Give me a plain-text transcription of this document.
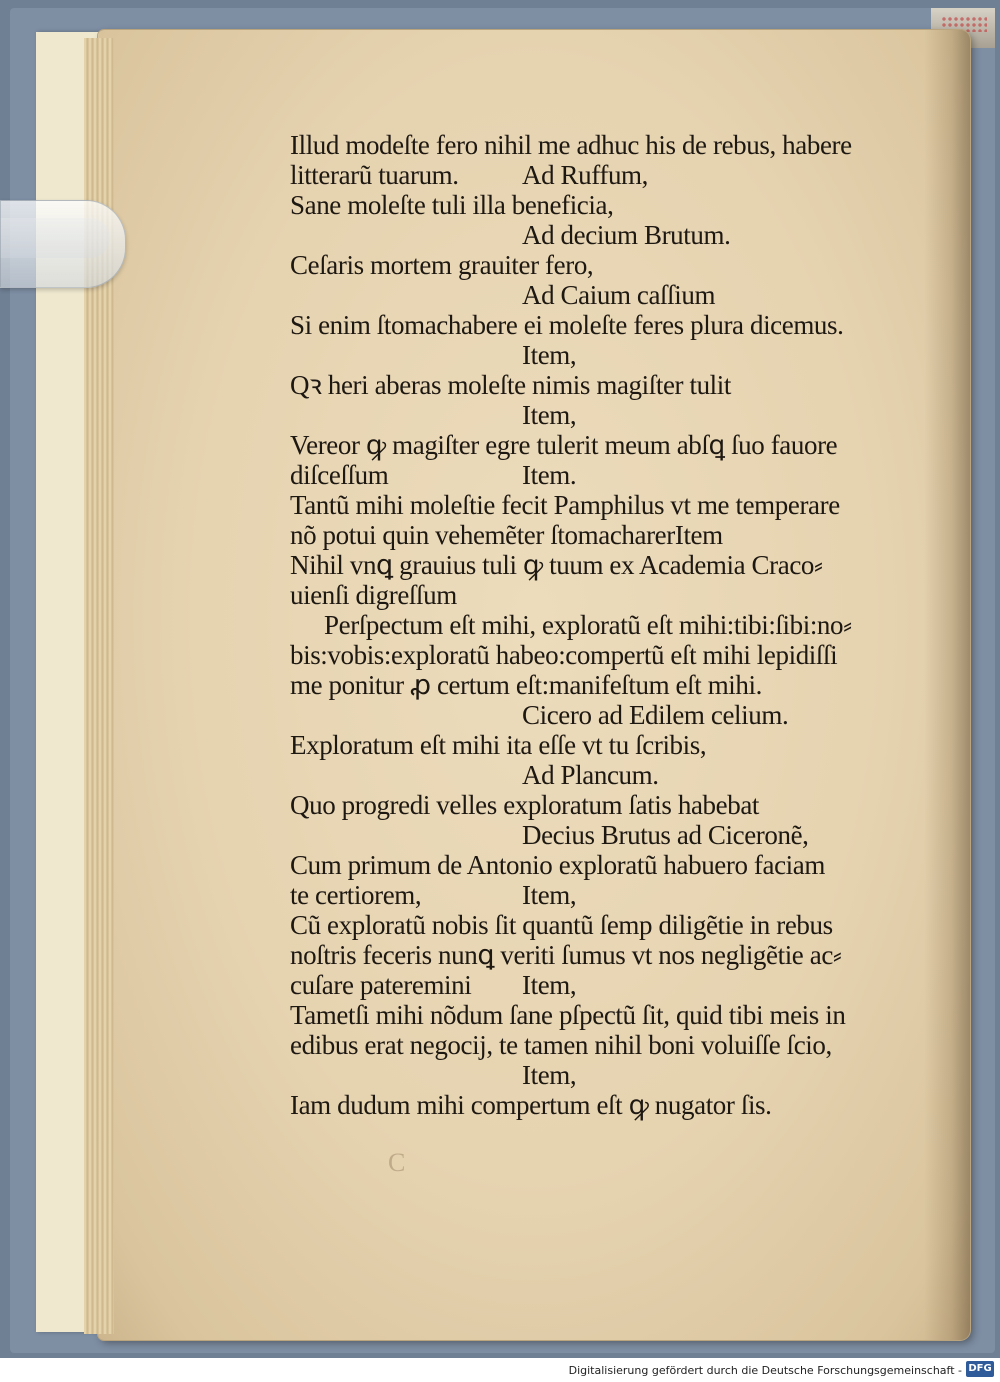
Illud modeſte fero nihil me adhuc his de rebus, habere
litterarũ tuarum.	Ad Ruffum,
Sane moleſte tuli illa beneficia,
Ad decium Brutum.
Ceſaris mortem grauiter fero,
Ad Caium caſſium
Si enim ſtomachabere ei moleſte feres plura dicemus.
Item,
Qꝛ heri aberas moleſte nimis magiſter tulit
Item,
Vereor ꝙ magiſter egre tulerit meum abſꝗ ſuo fauore
diſceſſum	Item.
Tantũ mihi moleſtie fecit Pamphilus vt me temperare
nõ potui quin vehemẽter ſtomacharerItem
Nihil vnꝗ grauius tuli ꝙ tuum ex Academia Craco⸗
uienſi digreſſum
Perſpectum eſt mihi, exploratũ eſt mihi:tibi:ſibi:no⸗
bis:vobis:exploratũ habeo:compertũ eſt mihi lepidiſſi
me ponitur ꝓ certum eſt:manifeſtum eſt mihi.
Cicero ad Edilem celium.
Exploratum eſt mihi ita eſſe vt tu ſcribis,
Ad Plancum.
Quo progredi velles exploratum ſatis habebat
Decius Brutus ad Ciceronẽ,
Cum primum de Antonio exploratũ habuero faciam
te certiorem,	Item,
Cũ exploratũ nobis ſit quantũ ſemp diligẽtie in rebus
noſtris feceris nunꝗ veriti ſumus vt nos negligẽtie ac⸗
cuſare pateremini	Item,
Tametſi mihi nõdum ſane pſpectũ ſit, quid tibi meis in
edibus erat negocij, te tamen nihil boni voluiſſe ſcio,
Item,
Iam dudum mihi compertum eſt ꝙ nugator ſis.
C
Digitalisierung gefördert durch die Deutsche Forschungsgemeinschaft - DFG
